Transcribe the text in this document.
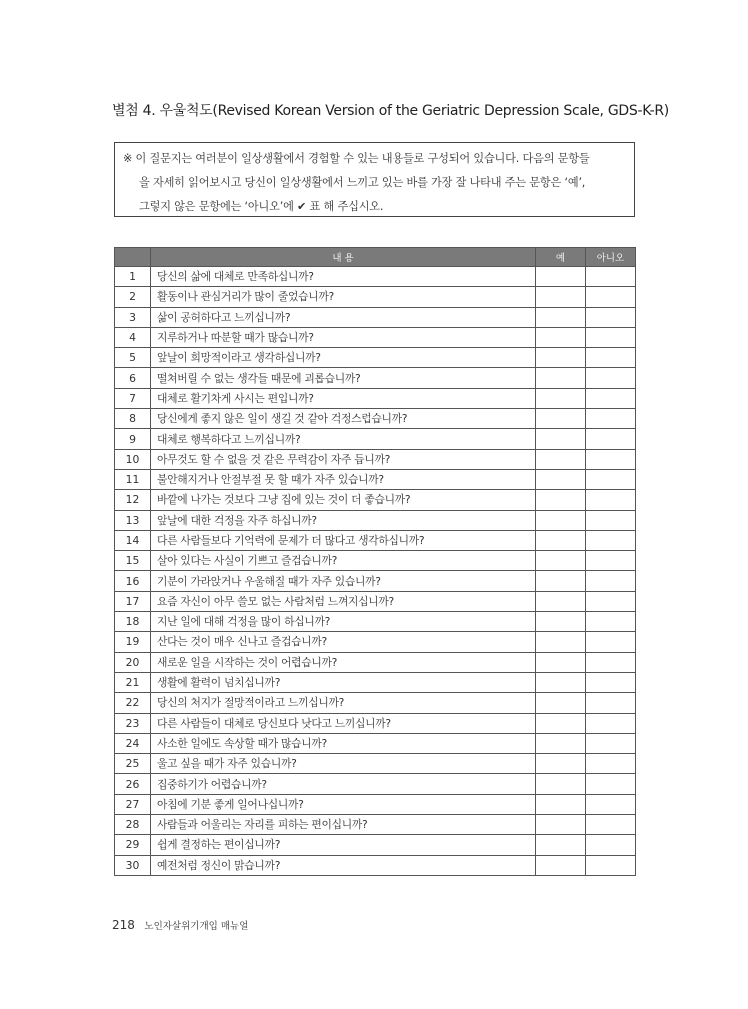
별첨 4. 우울척도(Revised Korean Version of the Geriatric Depression Scale, GDS-K-R)
※ 이 질문지는 여러분이 일상생활에서 경험할 수 있는 내용들로 구성되어 있습니다. 다음의 문항들
을 자세히 읽어보시고 당신이 일상생활에서 느끼고 있는 바를 가장 잘 나타내 주는 문항은 ‘예’,
그렇지 않은 문항에는 ‘아니오’에 ✔ 표 해 주십시오.
	내 용	예	아니오
1	당신의 삶에 대체로 만족하십니까?		
2	활동이나 관심거리가 많이 줄었습니까?		
3	삶이 공허하다고 느끼십니까?		
4	지루하거나 따분할 때가 많습니까?		
5	앞날이 희망적이라고 생각하십니까?		
6	떨쳐버릴 수 없는 생각들 때문에 괴롭습니까?		
7	대체로 활기차게 사시는 편입니까?		
8	당신에게 좋지 않은 일이 생길 것 같아 걱정스럽습니까?		
9	대체로 행복하다고 느끼십니까?		
10	아무것도 할 수 없을 것 같은 무력감이 자주 듭니까?		
11	불안해지거나 안절부절 못 할 때가 자주 있습니까?		
12	바깥에 나가는 것보다 그냥 집에 있는 것이 더 좋습니까?		
13	앞날에 대한 걱정을 자주 하십니까?		
14	다른 사람들보다 기억력에 문제가 더 많다고 생각하십니까?		
15	살아 있다는 사실이 기쁘고 즐겁습니까?		
16	기분이 가라앉거나 우울해질 때가 자주 있습니까?		
17	요즘 자신이 아무 쓸모 없는 사람처럼 느껴지십니까?		
18	지난 일에 대해 걱정을 많이 하십니까?		
19	산다는 것이 매우 신나고 즐겁습니까?		
20	새로운 일을 시작하는 것이 어렵습니까?		
21	생활에 활력이 넘치십니까?		
22	당신의 처지가 절망적이라고 느끼십니까?		
23	다른 사람들이 대체로 당신보다 낫다고 느끼십니까?		
24	사소한 일에도 속상할 때가 많습니까?		
25	울고 싶을 때가 자주 있습니까?		
26	집중하기가 어렵습니까?		
27	아침에 기분 좋게 일어나십니까?		
28	사람들과 어울리는 자리를 피하는 편이십니까?		
29	쉽게 결정하는 편이십니까?		
30	예전처럼 정신이 맑습니까?		
218 노인자살위기개입 매뉴얼
